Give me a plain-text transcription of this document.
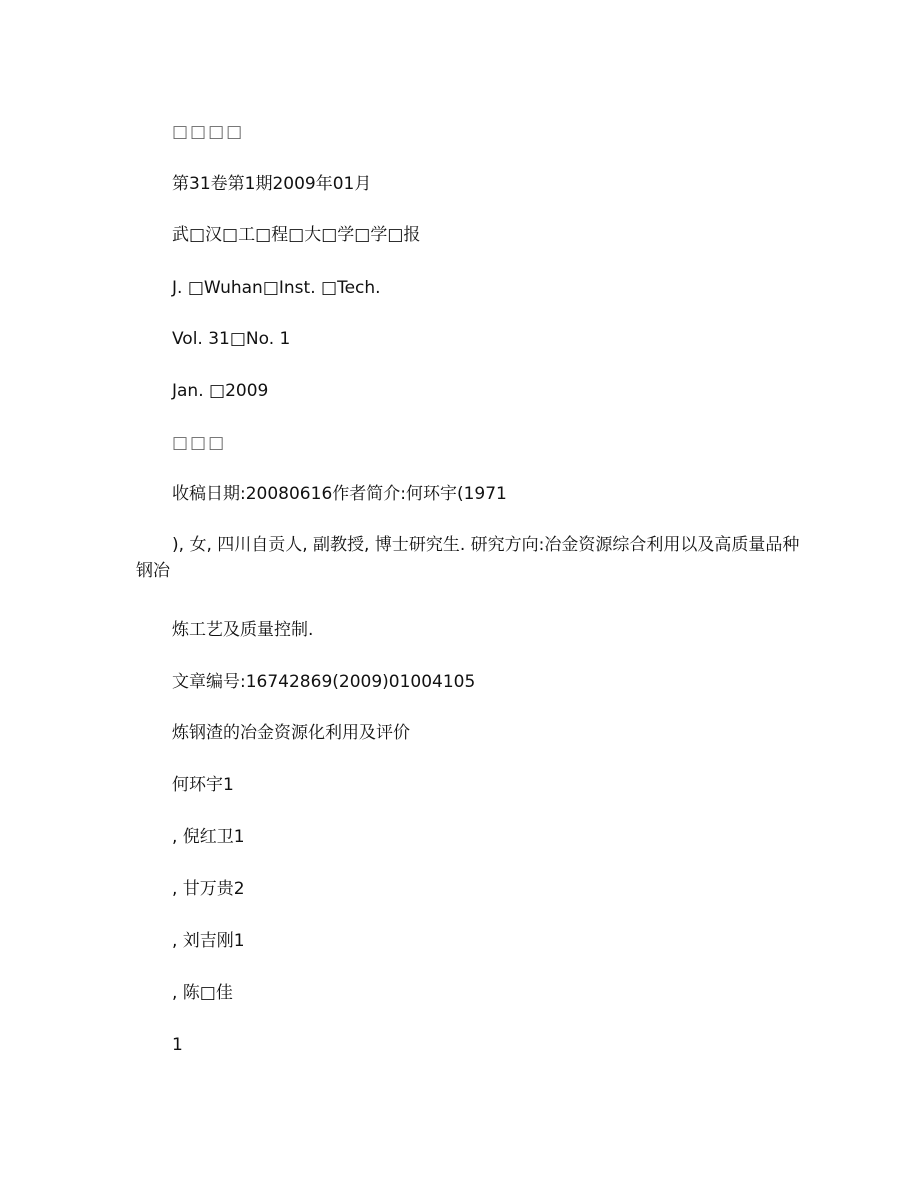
□□□□
第31卷第1期2009年01月
武□汉□工□程□大□学□学□报
J. □Wuhan□Inst. □Tech.
Vol. 31□No. 1
Jan. □2009
□□□
收稿日期:20080616作者简介:何环宇(1971
), 女, 四川自贡人, 副教授, 博士研究生. 研究方向:冶金资源综合利用以及高质量品种钢冶
炼工艺及质量控制.
文章编号:16742869(2009)01004105
炼钢渣的冶金资源化利用及评价
何环宇1
, 倪红卫1
, 甘万贵2
, 刘吉刚1
, 陈□佳
1
